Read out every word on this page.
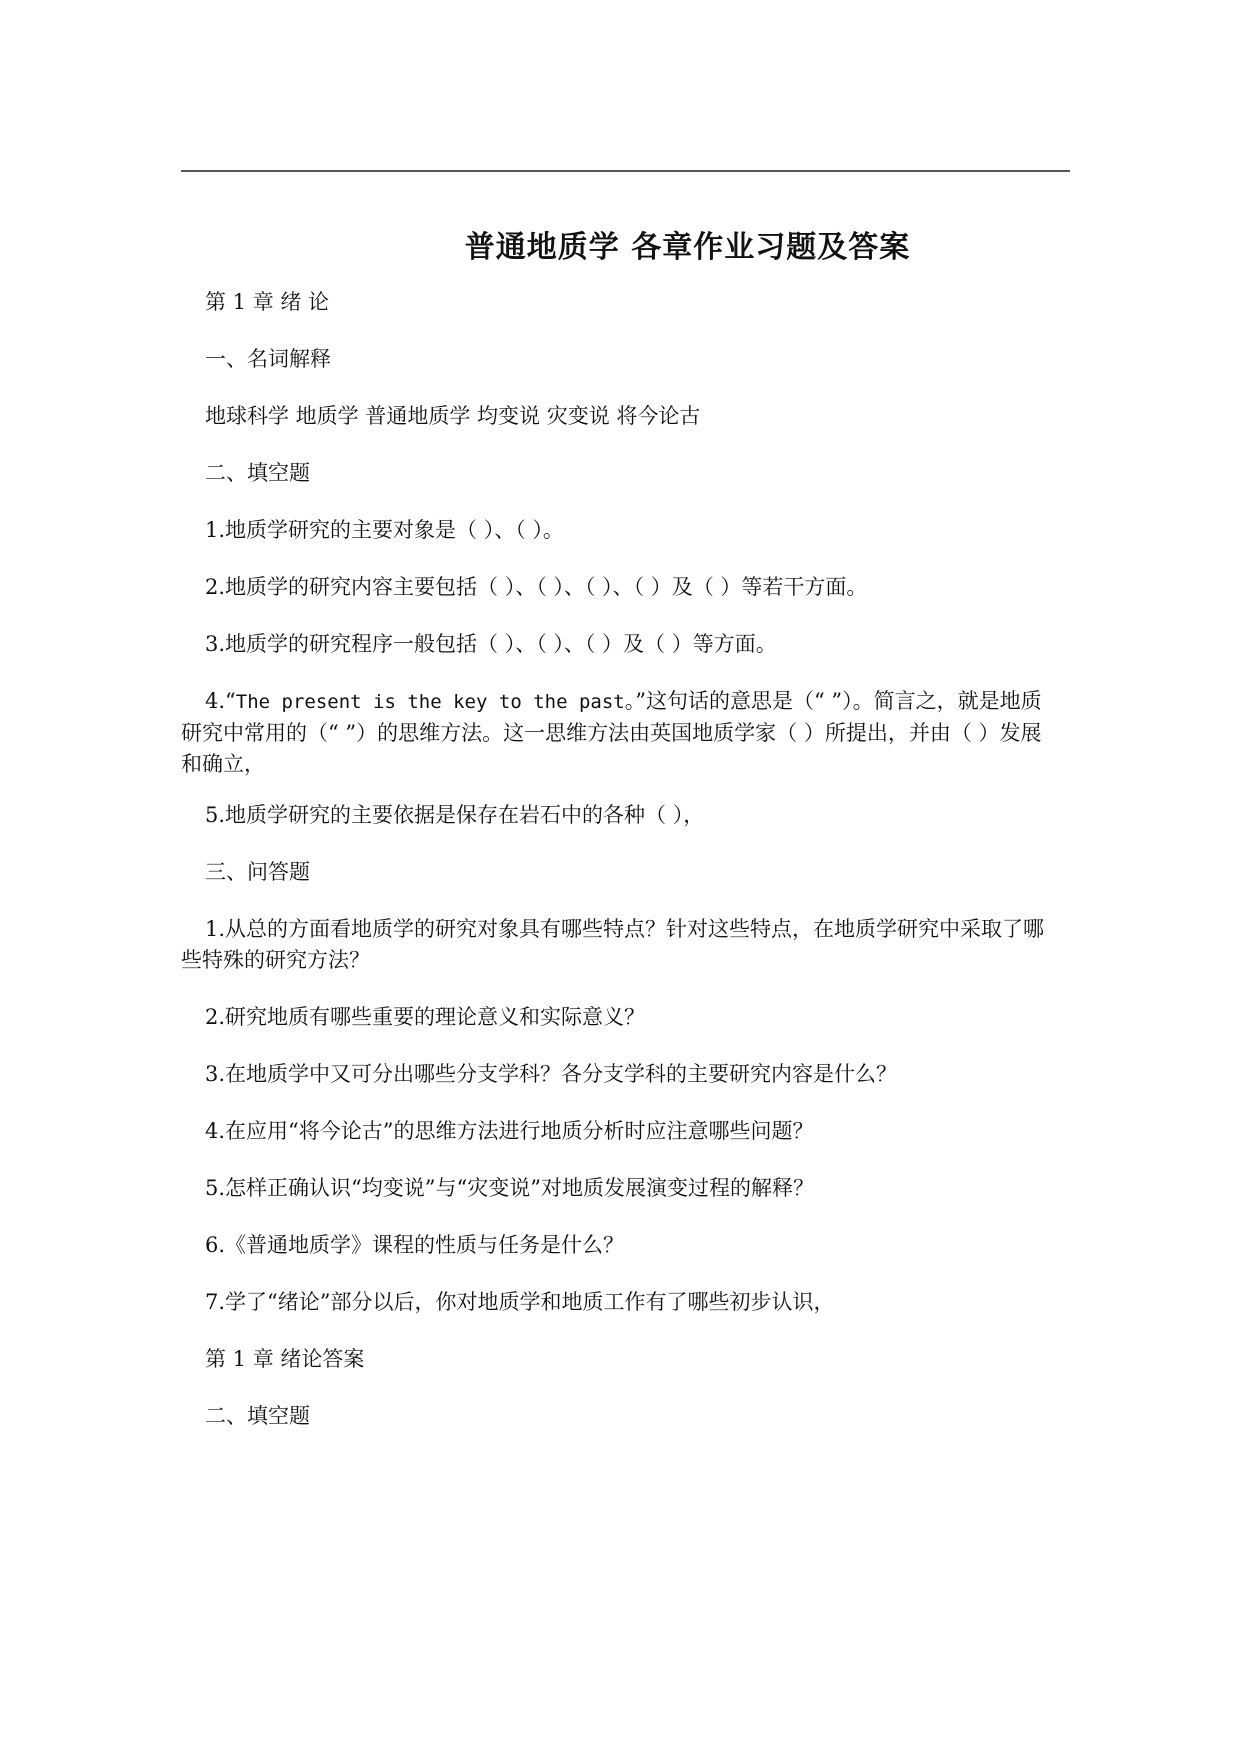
普通地质学 各章作业习题及答案
第 1 章 绪 论
一、名词解释
地球科学 地质学 普通地质学 均变说 灾变说 将今论古
二、填空题
1.地质学研究的主要对象是（ ）、（ ）。
2.地质学的研究内容主要包括（ ）、（ ）、（ ）、（ ）及（ ）等若干方面。
3.地质学的研究程序一般包括（ ）、（ ）、（ ）及（ ）等方面。
4.“The present is the key to the past。”这句话的意思是（“ ”）。简言之，就是地质研究中常用的（“ ”）的思维方法。这一思维方法由英国地质学家（ ）所提出，并由（ ）发展和确立，
5.地质学研究的主要依据是保存在岩石中的各种（ ），
三、问答题
1.从总的方面看地质学的研究对象具有哪些特点？针对这些特点，在地质学研究中采取了哪些特殊的研究方法？
2.研究地质有哪些重要的理论意义和实际意义？
3.在地质学中又可分出哪些分支学科？各分支学科的主要研究内容是什么？
4.在应用“将今论古”的思维方法进行地质分析时应注意哪些问题？
5.怎样正确认识“均变说”与“灾变说”对地质发展演变过程的解释？
6.《普通地质学》课程的性质与任务是什么？
7.学了“绪论”部分以后，你对地质学和地质工作有了哪些初步认识，
第 1 章 绪论答案
二、填空题
